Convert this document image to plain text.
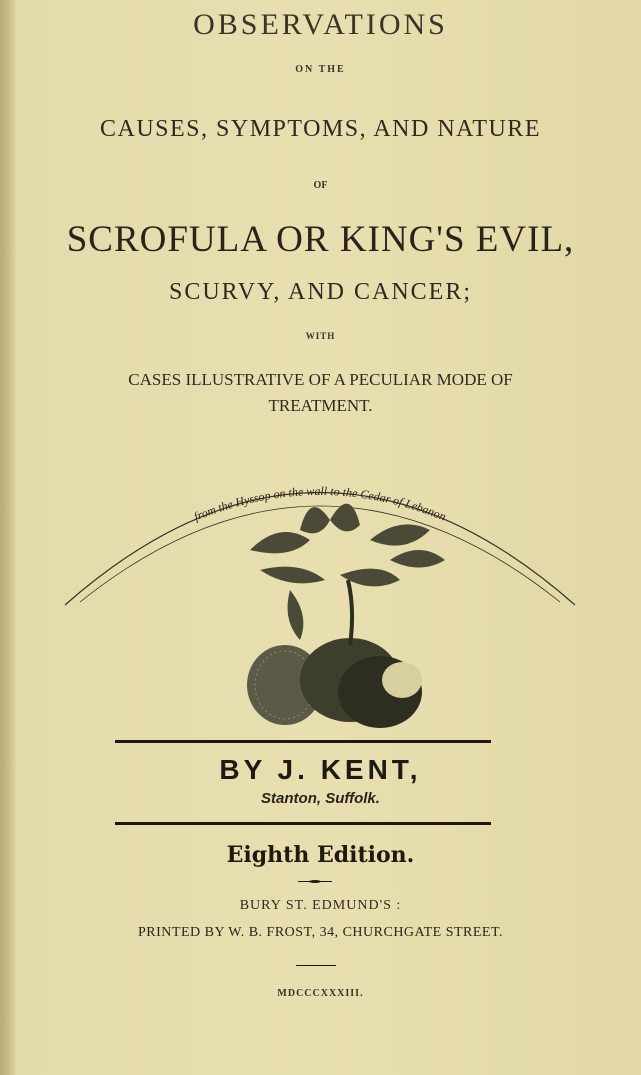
OBSERVATIONS
ON THE
CAUSES, SYMPTOMS, AND NATURE
OF
SCROFULA OR KING'S EVIL,
SCURVY, AND CANCER;
WITH
CASES ILLUSTRATIVE OF A PECULIAR MODE OF
TREATMENT.
from the Hyssop on the wall to the Cedar of Lebanon
BY J. KENT,
Stanton, Suffolk.
Eighth Edition.
BURY ST. EDMUND'S :
PRINTED BY W. B. FROST, 34, CHURCHGATE STREET.
MDCCCXXXIII.
